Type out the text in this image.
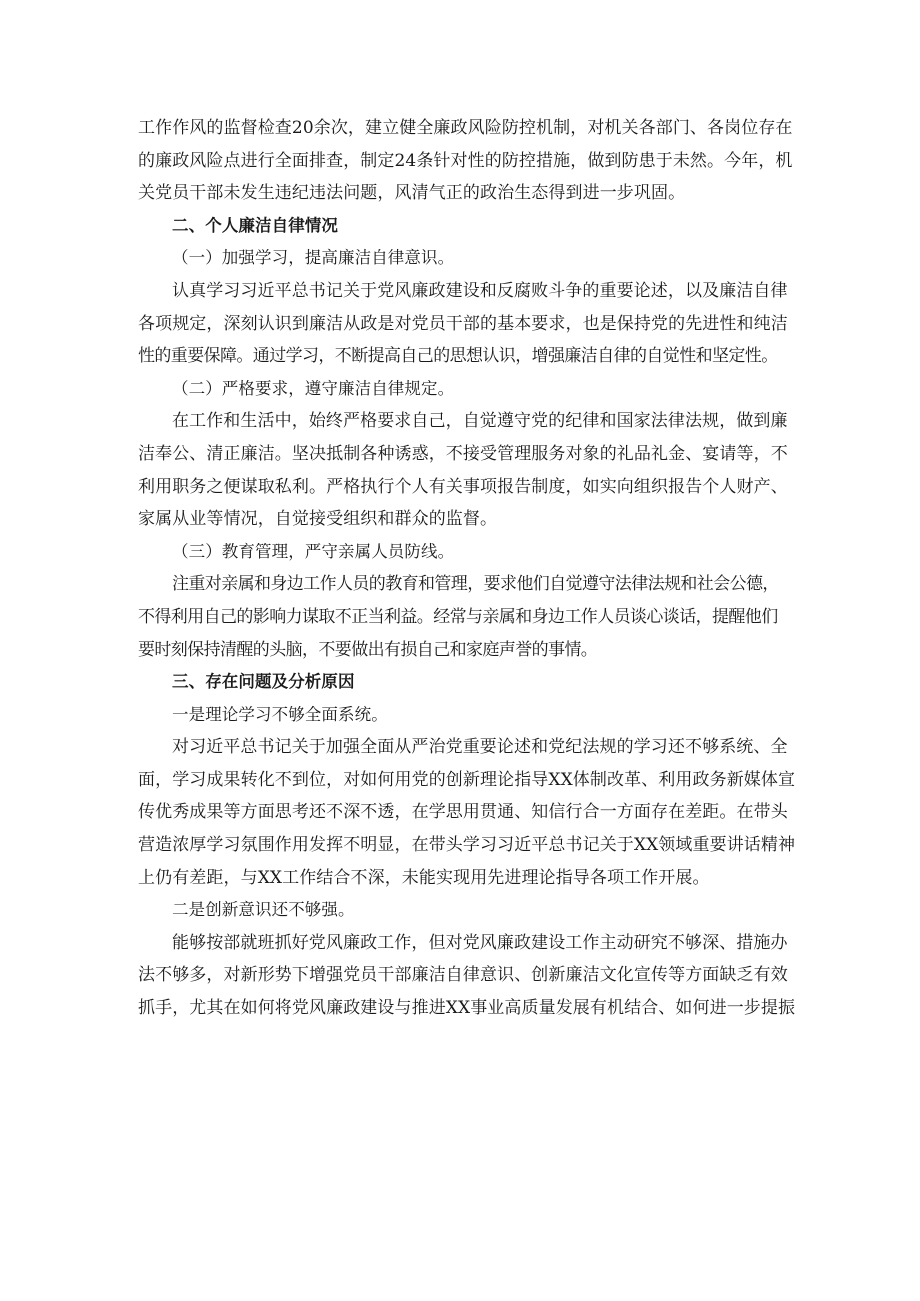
工作作风的监督检查20余次，建立健全廉政风险防控机制，对机关各部门、各岗位存在

的廉政风险点进行全面排查，制定24条针对性的防控措施，做到防患于未然。今年，机

关党员干部未发生违纪违法问题，风清气正的政治生态得到进一步巩固。

二、个人廉洁自律情况

（一）加强学习，提高廉洁自律意识。

认真学习习近平总书记关于党风廉政建设和反腐败斗争的重要论述，以及廉洁自律

各项规定，深刻认识到廉洁从政是对党员干部的基本要求，也是保持党的先进性和纯洁

性的重要保障。通过学习，不断提高自己的思想认识，增强廉洁自律的自觉性和坚定性。

（二）严格要求，遵守廉洁自律规定。

在工作和生活中，始终严格要求自己，自觉遵守党的纪律和国家法律法规，做到廉

洁奉公、清正廉洁。坚决抵制各种诱惑，不接受管理服务对象的礼品礼金、宴请等，不

利用职务之便谋取私利。严格执行个人有关事项报告制度，如实向组织报告个人财产、

家属从业等情况，自觉接受组织和群众的监督。

（三）教育管理，严守亲属人员防线。

注重对亲属和身边工作人员的教育和管理，要求他们自觉遵守法律法规和社会公德，

不得利用自己的影响力谋取不正当利益。经常与亲属和身边工作人员谈心谈话，提醒他们

要时刻保持清醒的头脑，不要做出有损自己和家庭声誉的事情。

三、存在问题及分析原因

一是理论学习不够全面系统。

对习近平总书记关于加强全面从严治党重要论述和党纪法规的学习还不够系统、全

面，学习成果转化不到位，对如何用党的创新理论指导XX体制改革、利用政务新媒体宣

传优秀成果等方面思考还不深不透，在学思用贯通、知信行合一方面存在差距。在带头

营造浓厚学习氛围作用发挥不明显，在带头学习习近平总书记关于XX领域重要讲话精神

上仍有差距，与XX工作结合不深，未能实现用先进理论指导各项工作开展。

二是创新意识还不够强。

能够按部就班抓好党风廉政工作，但对党风廉政建设工作主动研究不够深、措施办

法不够多，对新形势下增强党员干部廉洁自律意识、创新廉洁文化宣传等方面缺乏有效

抓手，尤其在如何将党风廉政建设与推进XX事业高质量发展有机结合、如何进一步提振
